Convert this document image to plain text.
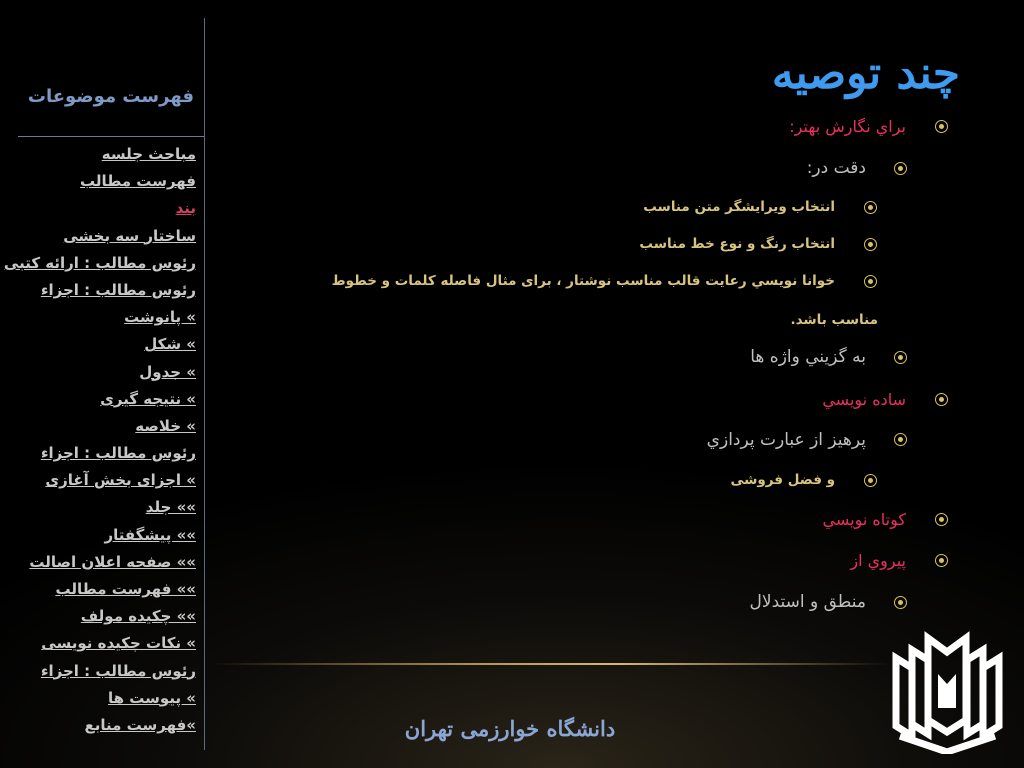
فهرست موضوعات
مباحث جلسه
فهرست مطالب
بند
ساختار سه بخشی
رئوس مطالب : ارائه کتبی
رئوس مطالب : اجزاء
» پانوشت
» شکل
» جدول
» نتیجه گیری
» خلاصه
رئوس مطالب : اجزاء
» اجزای بخش آغازی
»» جلد
»» پیشگفتار
»» صفحه اعلان اصالت
»» فهرست مطالب
»» چکیده مولف
» نکات چکیده نویسی
رئوس مطالب : اجزاء
» پیوست ها
»فهرست منابع
چند توصیه
براي نگارش بهتر:
دقت در:
انتخاب ويرايشگر متن مناسب
انتخاب رنگ و نوع خط مناسب
خوانا نويسي رعايت قالب مناسب نوشتار ، براى مثال فاصله كلمات و خطوط
مناسب باشد.
به گزيني واژه ها
ساده نويسي
پرهيز از عبارت پردازي
و فضل فروشى
كوتاه نويسي
پيروي از
منطق و استدلال
دانشگاه خوارزمی تهران
